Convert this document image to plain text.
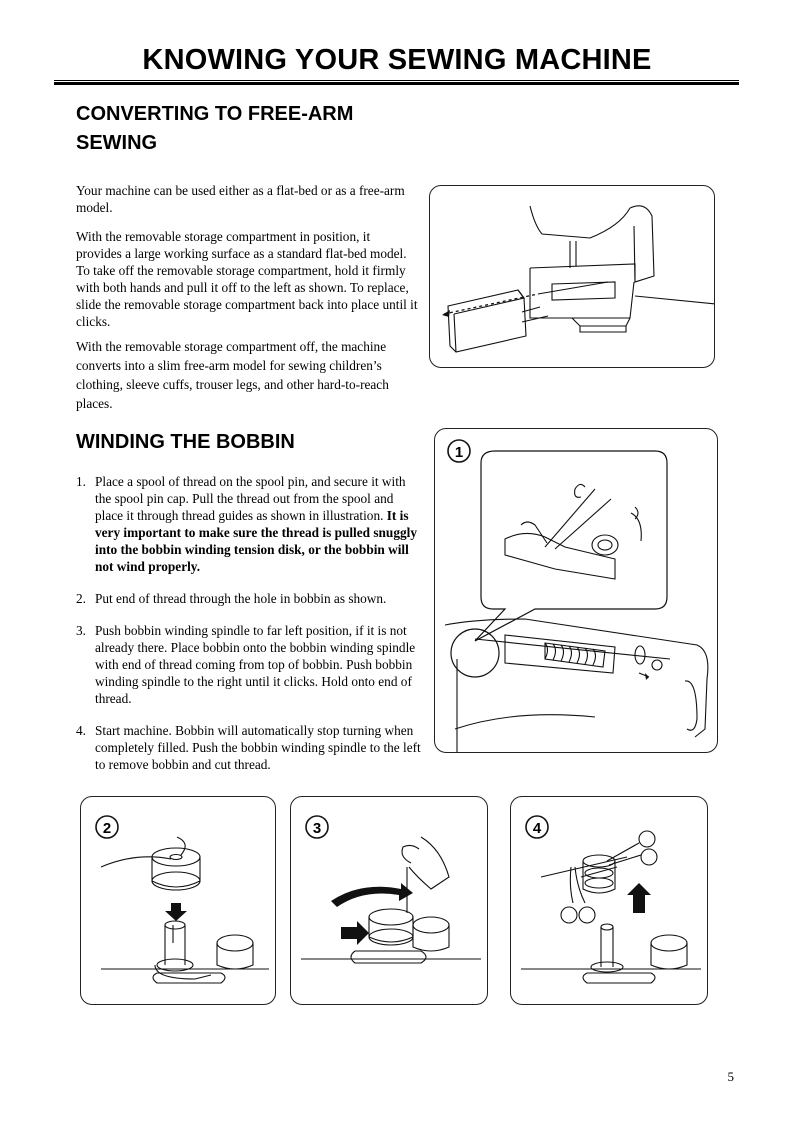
KNOWING YOUR SEWING MACHINE
CONVERTING TO FREE-ARM SEWING

Your machine can be used either as a flat-bed or as a free-arm model.

With the removable storage compartment in position, it provides a large working surface as a standard flat-bed model. To take off the removable storage compartment, hold it firmly with both hands and pull it off to the left as shown. To replace, slide the removable storage compartment back into place until it clicks.

With the removable storage compartment off, the machine converts into a slim free-arm model for sewing children’s clothing, sleeve cuffs, trouser legs, and other hard-to-reach places.

WINDING THE BOBBIN
1. Place a spool of thread on the spool pin, and secure it with the spool pin cap. Pull the thread out from the spool and place it through thread guides as shown in illustration. It is very important to make sure the thread is pulled snuggly into the bobbin winding tension disk, or the bobbin will not wind properly.
2. Put end of thread through the hole in bobbin as shown.
3. Push bobbin winding spindle to far left position, if it is not already there. Place bobbin onto the bobbin winding spindle with end of thread coming from top of bobbin. Push bobbin winding spindle to the right until it clicks. Hold onto end of thread.
4. Start machine. Bobbin will automatically stop turning when completely filled. Push the bobbin winding spindle to the left to remove bobbin and cut thread.
1
2	3	4
5
